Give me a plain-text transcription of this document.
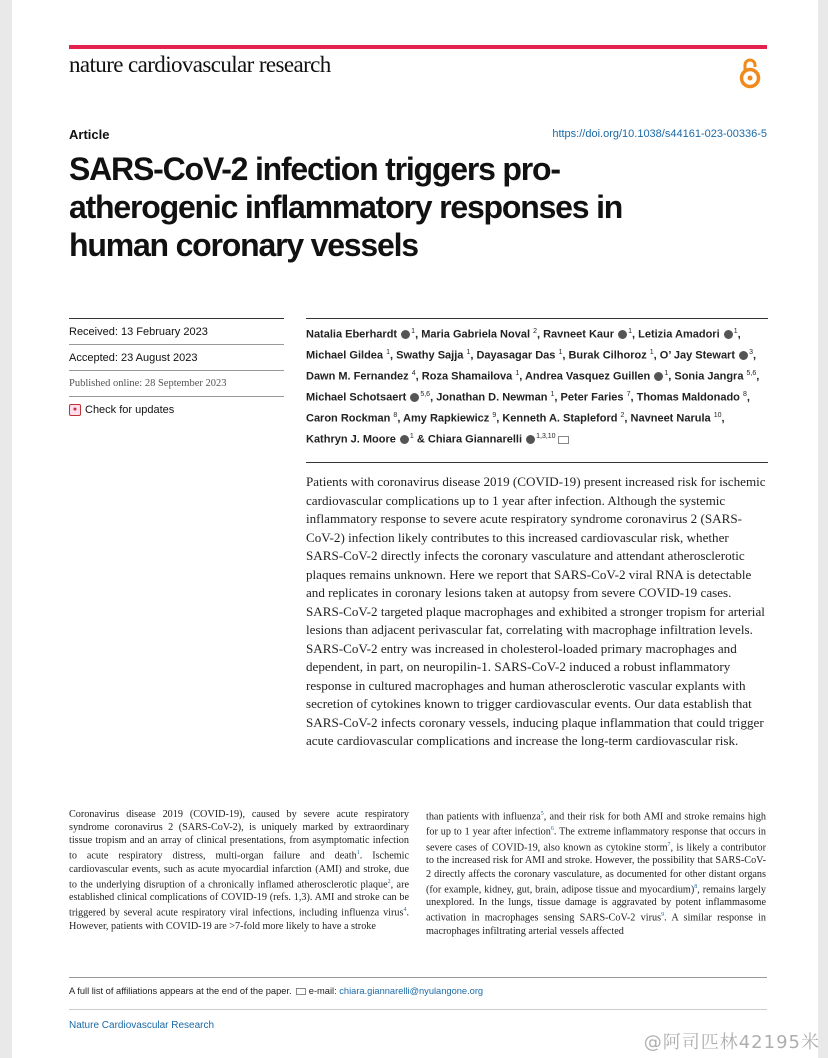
nature cardiovascular research
Article	https://doi.org/10.1038/s44161-023-00336-5
SARS-CoV-2 infection triggers pro-atherogenic inflammatory responses in human coronary vessels
Received: 13 February 2023
Accepted: 23 August 2023
Published online: 28 September 2023
● Check for updates
Natalia Eberhardt $^1$, Maria Gabriela Noval $^2$, Ravneet Kaur $^1$, Letizia Amadori $^1$, Michael Gildea $^1$, Swathy Sajja $^1$, Dayasagar Das $^1$, Burak Cilhoroz $^1$, O’ Jay Stewart $^3$, Dawn M. Fernandez $^4$, Roza Shamailova $^1$, Andrea Vasquez Guillen $^1$, Sonia Jangra $^{5,6}$, Michael Schotsaert $^{5,6}$, Jonathan D. Newman $^1$, Peter Faries $^7$, Thomas Maldonado $^8$, Caron Rockman $^8$, Amy Rapkiewicz $^9$, Kenneth A. Stapleford $^2$, Navneet Narula $^{10}$, Kathryn J. Moore $^1$ & Chiara Giannarelli $^{1,3,10}$

Patients with coronavirus disease 2019 (COVID-19) present increased risk for ischemic cardiovascular complications up to 1 year after infection. Although the systemic inflammatory response to severe acute respiratory syndrome coronavirus 2 (SARS-CoV-2) infection likely contributes to this increased cardiovascular risk, whether SARS-CoV-2 directly infects the coronary vasculature and attendant atherosclerotic plaques remains unknown. Here we report that SARS-CoV-2 viral RNA is detectable and replicates in coronary lesions taken at autopsy from severe COVID-19 cases. SARS-CoV-2 targeted plaque macrophages and exhibited a stronger tropism for arterial lesions than adjacent perivascular fat, correlating with macrophage infiltration levels. SARS-CoV-2 entry was increased in cholesterol-loaded primary macrophages and dependent, in part, on neuropilin-1. SARS-CoV-2 induced a robust inflammatory response in cultured macrophages and human atherosclerotic vascular explants with secretion of cytokines known to trigger cardiovascular events. Our data establish that SARS-CoV-2 infects coronary vessels, inducing plaque inflammation that could trigger acute cardiovascular complications and increase the long-term cardiovascular risk.

Coronavirus disease 2019 (COVID-19), caused by severe acute respiratory syndrome coronavirus 2 (SARS-CoV-2), is uniquely marked by extraordinary tissue tropism and an array of clinical presentations, from asymptomatic infection to acute respiratory distress, multi-organ failure and death$^1$. Ischemic cardiovascular events, such as acute myocardial infarction (AMI) and stroke, due to the underlying disruption of a chronically inflamed atherosclerotic plaque$^2$, are established clinical complications of COVID-19 (refs. 1,3). AMI and stroke can be triggered by several acute respiratory viral infections, including influenza virus$^4$. However, patients with COVID-19 are >7-fold more likely to have a stroke
than patients with influenza$^5$, and their risk for both AMI and stroke remains high for up to 1 year after infection$^6$. The extreme inflammatory response that occurs in severe cases of COVID-19, also known as cytokine storm$^7$, is likely a contributor to the increased risk for AMI and stroke. However, the possibility that SARS-CoV-2 directly affects the coronary vasculature, as documented for other distant organs (for example, kidney, gut, brain, adipose tissue and myocardium)$^8$, remains largely unexplored. In the lungs, tissue damage is aggravated by potent inflammasome activation in macrophages sensing SARS-CoV-2 virus$^9$. A similar response in macrophages infiltrating arterial vessels affected
A full list of affiliations appears at the end of the paper. e-mail: chiara.giannarelli@nyulangone.org
Nature Cardiovascular Research
@阿司匹林42195米
